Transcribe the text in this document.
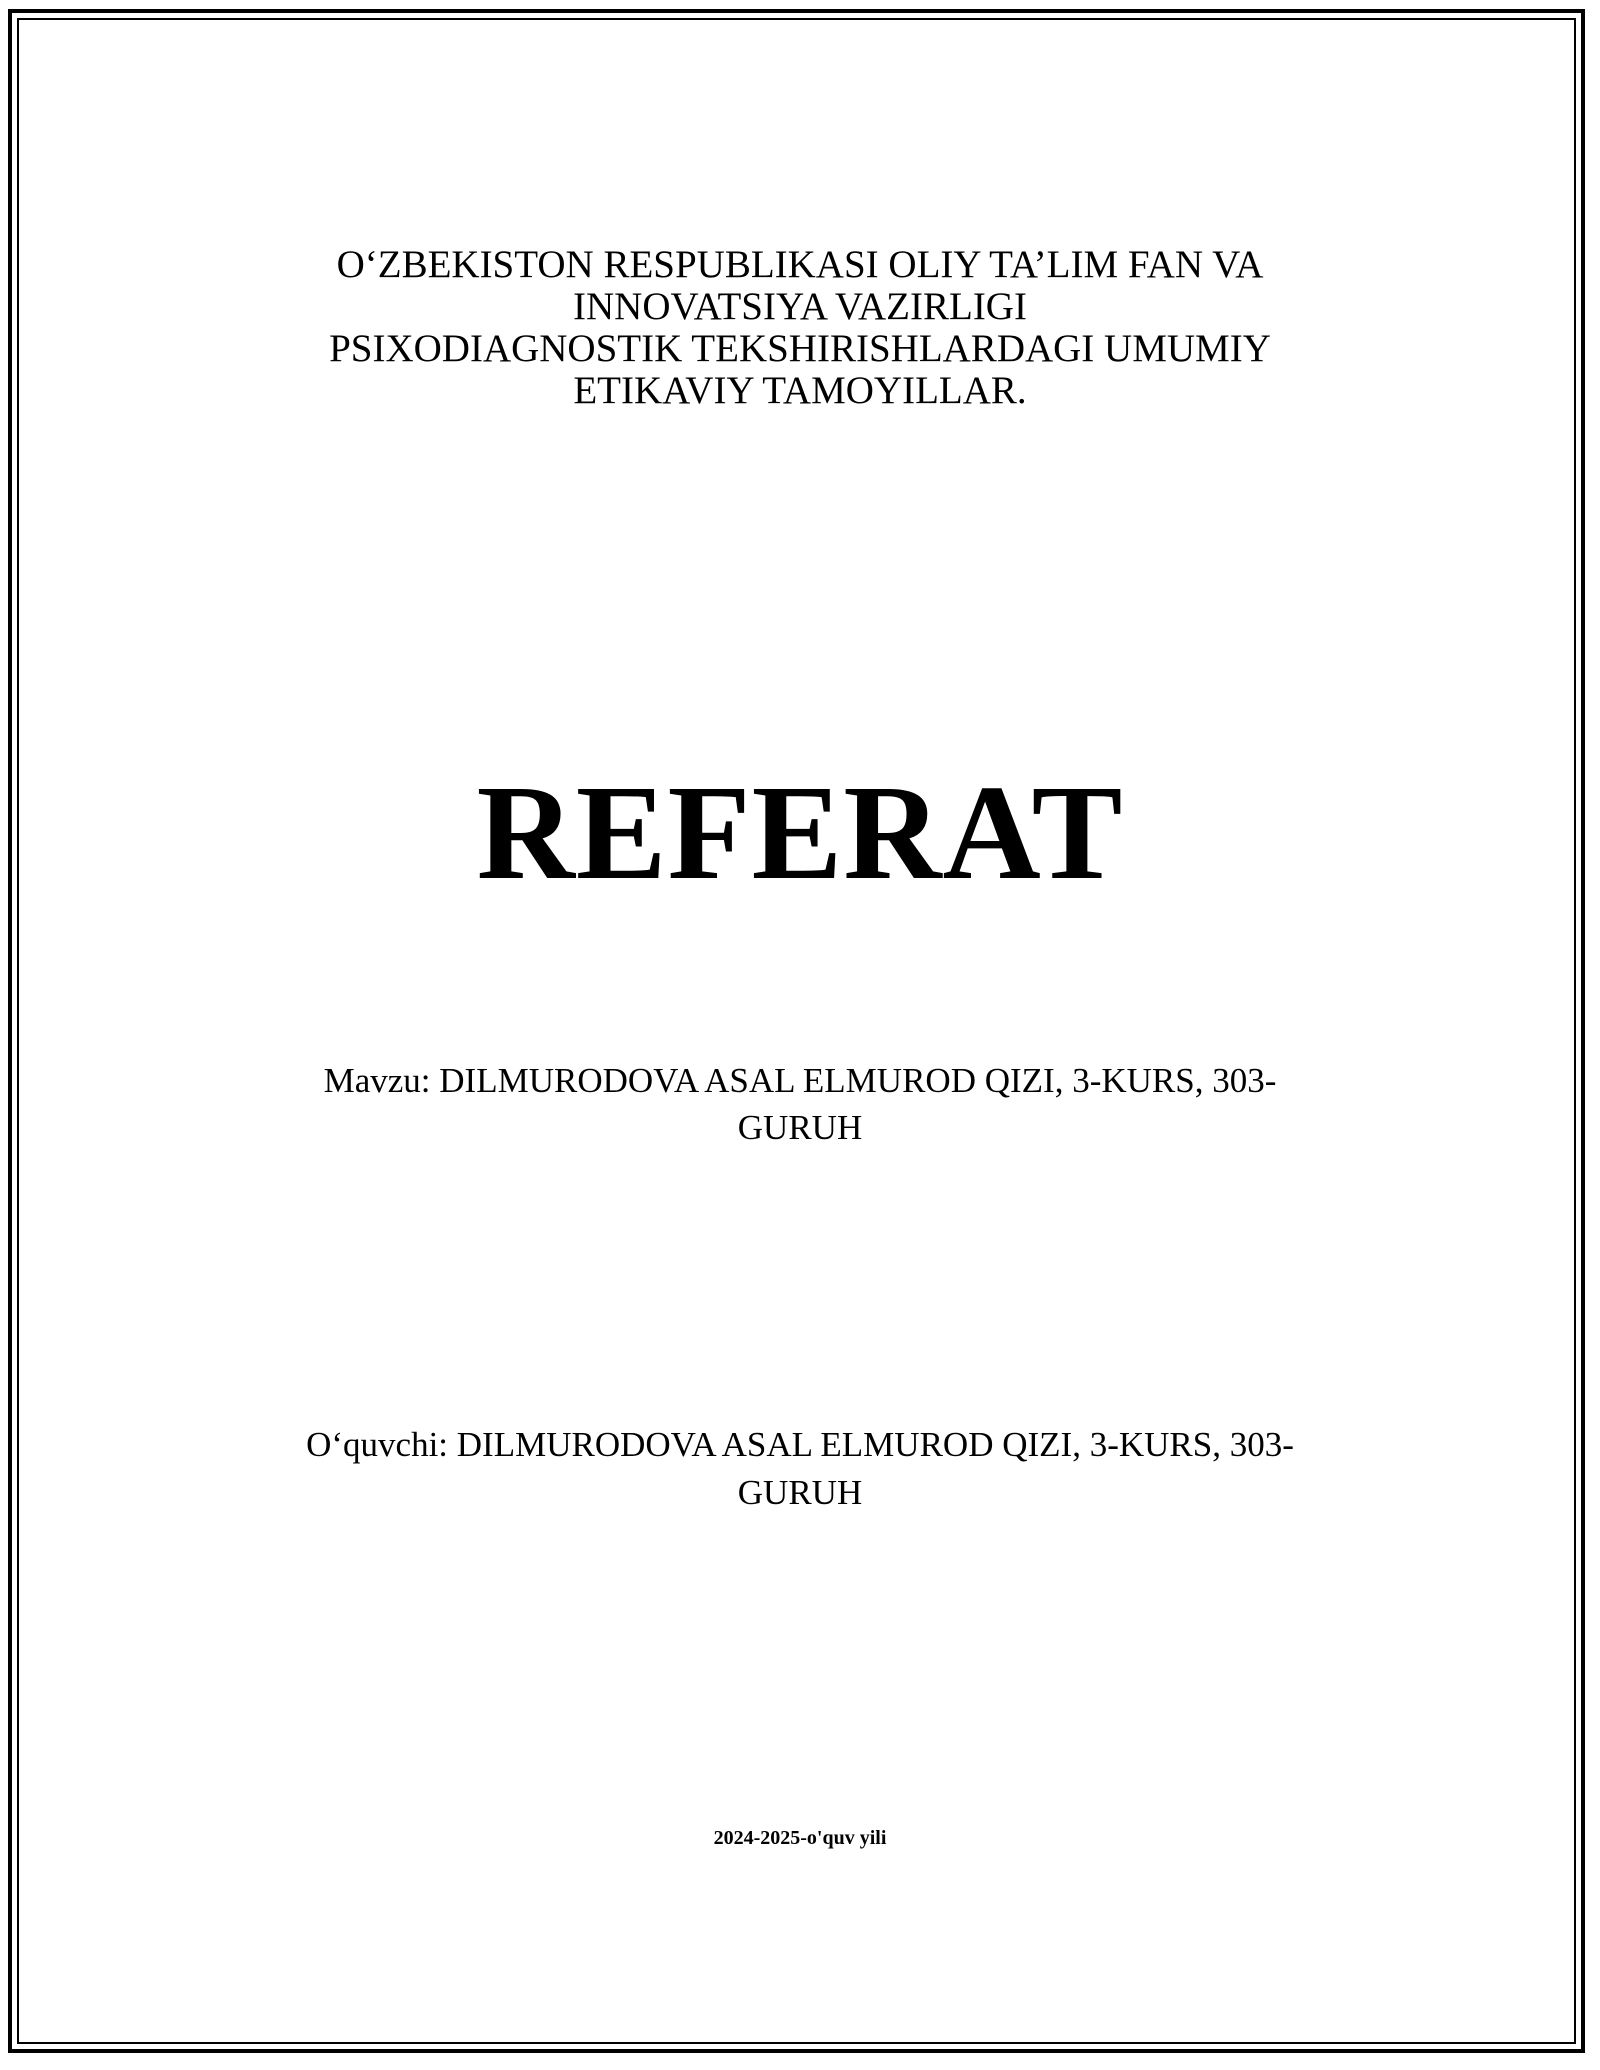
O‘ZBEKISTON RESPUBLIKASI OLIY TA’LIM FAN VA
INNOVATSIYA VAZIRLIGI
PSIXODIAGNOSTIK TEKSHIRISHLARDAGI UMUMIY
ETIKAVIY TAMOYILLAR.
REFERAT
Mavzu: DILMURODOVA ASAL ELMUROD QIZI, 3-KURS, 303-
GURUH
O‘quvchi: DILMURODOVA ASAL ELMUROD QIZI, 3-KURS, 303-
GURUH
2024-2025-o'quv yili
